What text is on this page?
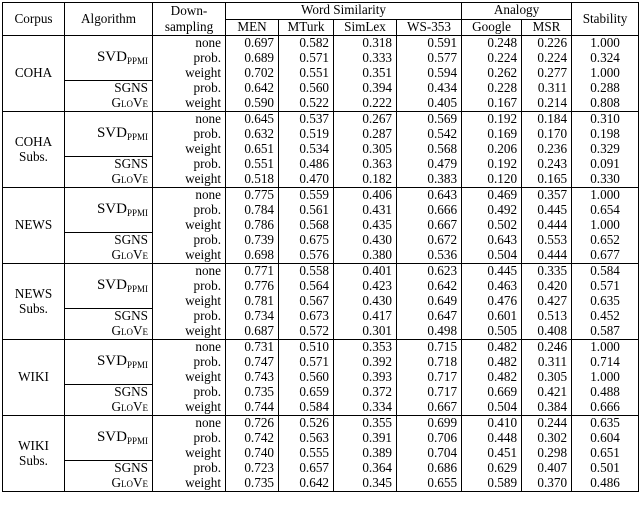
Corpus	Algorithm	Down-	Word Similarity				Analogy		Stability
		sampling	MEN	MTurk	SimLex	WS-353	Google	MSR	

COHA	$SVD_{PPMI}$	none	0.697	0.582	0.318	0.591	0.248	0.226	1.000
		prob.	0.689	0.571	0.333	0.577	0.224	0.224	0.324
		weight	0.702	0.551	0.351	0.594	0.262	0.277	1.000
	SGNS	prob.	0.642	0.560	0.394	0.434	0.228	0.311	0.288
	GloVe	weight	0.590	0.522	0.222	0.405	0.167	0.214	0.808

COHA
Subs.	$SVD_{PPMI}$	none	0.645	0.537	0.267	0.569	0.192	0.184	0.310
		prob.	0.632	0.519	0.287	0.542	0.169	0.170	0.198
		weight	0.651	0.534	0.305	0.568	0.206	0.236	0.329
	SGNS	prob.	0.551	0.486	0.363	0.479	0.192	0.243	0.091
	GloVe	weight	0.518	0.470	0.182	0.383	0.120	0.165	0.330

NEWS	$SVD_{PPMI}$	none	0.775	0.559	0.406	0.643	0.469	0.357	1.000
		prob.	0.784	0.561	0.431	0.666	0.492	0.445	0.654
		weight	0.786	0.568	0.435	0.667	0.502	0.444	1.000
	SGNS	prob.	0.739	0.675	0.430	0.672	0.643	0.553	0.652
	GloVe	weight	0.698	0.576	0.380	0.536	0.504	0.444	0.677

NEWS
Subs.	$SVD_{PPMI}$	none	0.771	0.558	0.401	0.623	0.445	0.335	0.584
		prob.	0.776	0.564	0.423	0.642	0.463	0.420	0.571
		weight	0.781	0.567	0.430	0.649	0.476	0.427	0.635
	SGNS	prob.	0.734	0.673	0.417	0.647	0.601	0.513	0.452
	GloVe	weight	0.687	0.572	0.301	0.498	0.505	0.408	0.587

WIKI	$SVD_{PPMI}$	none	0.731	0.510	0.353	0.715	0.482	0.246	1.000
		prob.	0.747	0.571	0.392	0.718	0.482	0.311	0.714
		weight	0.743	0.560	0.393	0.717	0.482	0.305	1.000
	SGNS	prob.	0.735	0.659	0.372	0.717	0.669	0.421	0.488
	GloVe	weight	0.744	0.584	0.334	0.667	0.504	0.384	0.666

WIKI
Subs.	$SVD_{PPMI}$	none	0.726	0.526	0.355	0.699	0.410	0.244	0.635
		prob.	0.742	0.563	0.391	0.706	0.448	0.302	0.604
		weight	0.740	0.555	0.389	0.704	0.451	0.298	0.651
	SGNS	prob.	0.723	0.657	0.364	0.686	0.629	0.407	0.501
	GloVe	weight	0.735	0.642	0.345	0.655	0.589	0.370	0.486
